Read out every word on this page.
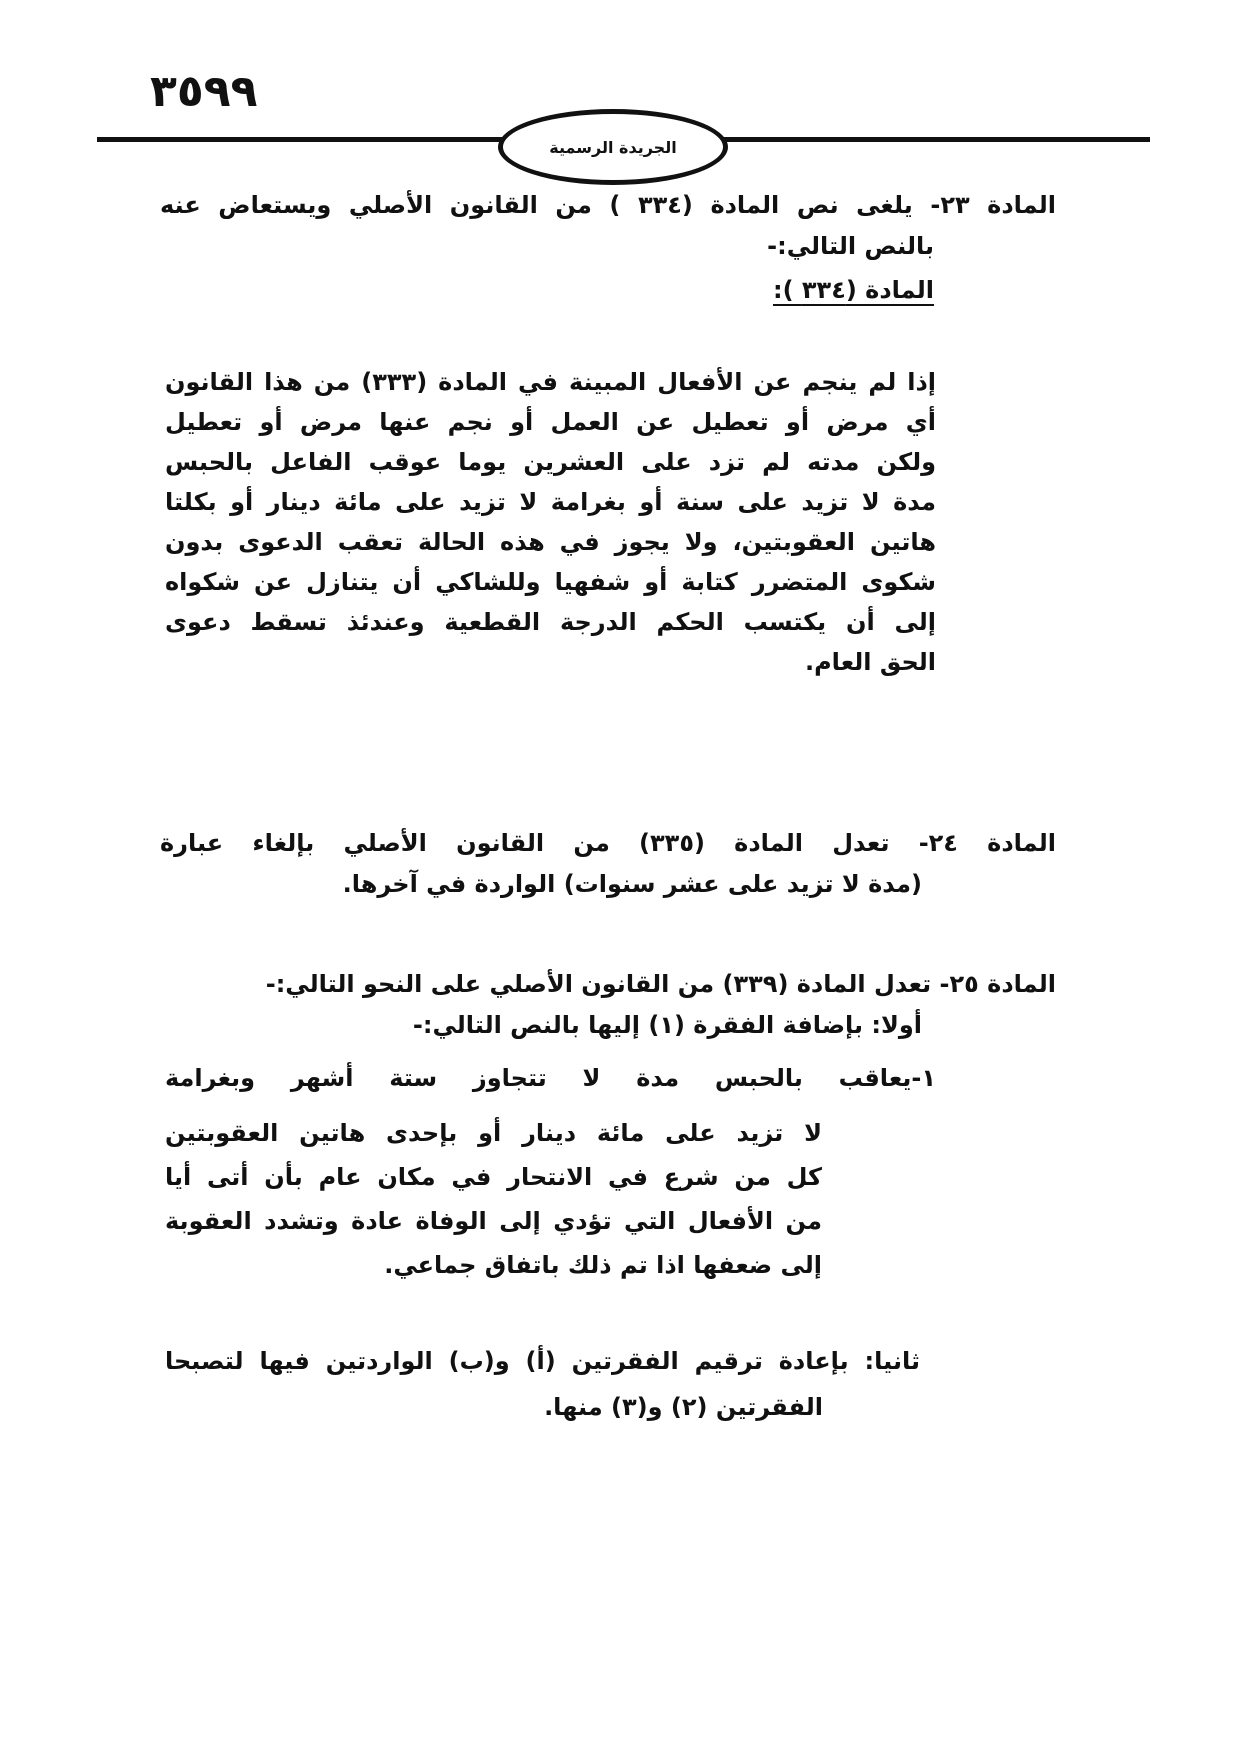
٣٥٩٩
الجريدة الرسمية
المادة ٢٣- يلغى نص المادة (٣٣٤ ) من القانون الأصلي ويستعاض عنه
بالنص التالي:-
المادة (٣٣٤ ):
إذا لم ينجم عن الأفعال المبينة في المادة (٣٣٣) من هذا القانون
أي مرض أو تعطيل عن العمل أو نجم عنها مرض أو تعطيل
ولكن مدته لم تزد على العشرين يوما عوقب الفاعل بالحبس
مدة لا تزيد على سنة أو بغرامة لا تزيد على مائة دينار أو بكلتا
هاتين العقوبتين، ولا يجوز في هذه الحالة تعقب الدعوى بدون
شكوى المتضرر كتابة أو شفهيا وللشاكي أن يتنازل عن شكواه
إلى أن يكتسب الحكم الدرجة القطعية وعندئذ تسقط دعوى
الحق العام.
المادة ٢٤- تعدل المادة (٣٣٥) من القانون الأصلي بإلغاء عبارة
(مدة لا تزيد على عشر سنوات) الواردة في آخرها.
المادة ٢٥- تعدل المادة (٣٣٩) من القانون الأصلي على النحو التالي:-
أولا: بإضافة الفقرة (١) إليها بالنص التالي:-
١-يعاقب بالحبس مدة لا تتجاوز ستة أشهر وبغرامة
لا تزيد على مائة دينار أو بإحدى هاتين العقوبتين
كل من شرع في الانتحار في مكان عام بأن أتى أيا
من الأفعال التي تؤدي إلى الوفاة عادة وتشدد العقوبة
إلى ضعفها اذا تم ذلك باتفاق جماعي.
ثانيا: بإعادة ترقيم الفقرتين (أ) و(ب) الواردتين فيها لتصبحا
الفقرتين (٢) و(٣) منها.
